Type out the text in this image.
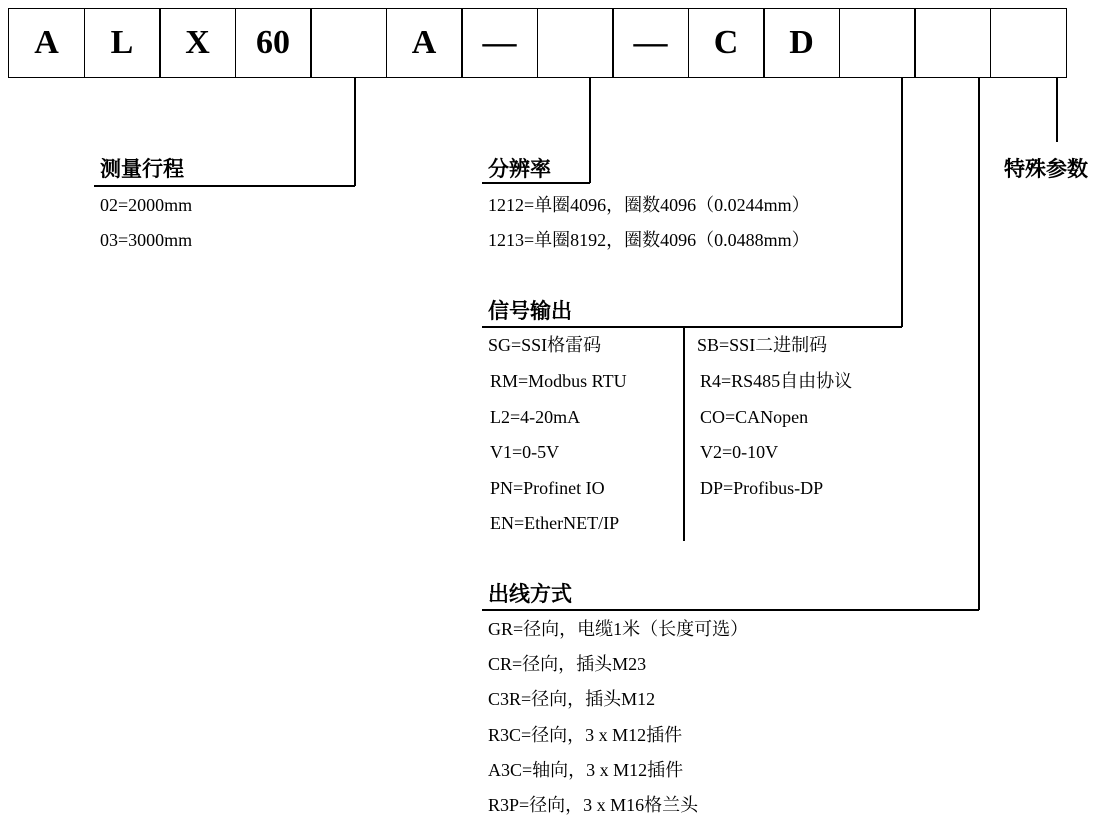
A	L	X	60	A	—	—	C	D
测量行程
02=2000mm
03=3000mm
分辨率
1212=单圈4096，圈数4096（0.0244mm）
1213=单圈8192，圈数4096（0.0488mm）
信号输出
SG=SSI格雷码
RM=Modbus RTU
L2=4-20mA
V1=0-5V
PN=Profinet IO
EN=EtherNET/IP
SB=SSI二进制码
R4=RS485自由协议
CO=CANopen
V2=0-10V
DP=Profibus-DP
出线方式
GR=径向，电缆1米（长度可选）
CR=径向，插头M23
C3R=径向，插头M12
R3C=径向，3 x M12插件
A3C=轴向，3 x M12插件
R3P=径向，3 x M16格兰头
特殊参数
